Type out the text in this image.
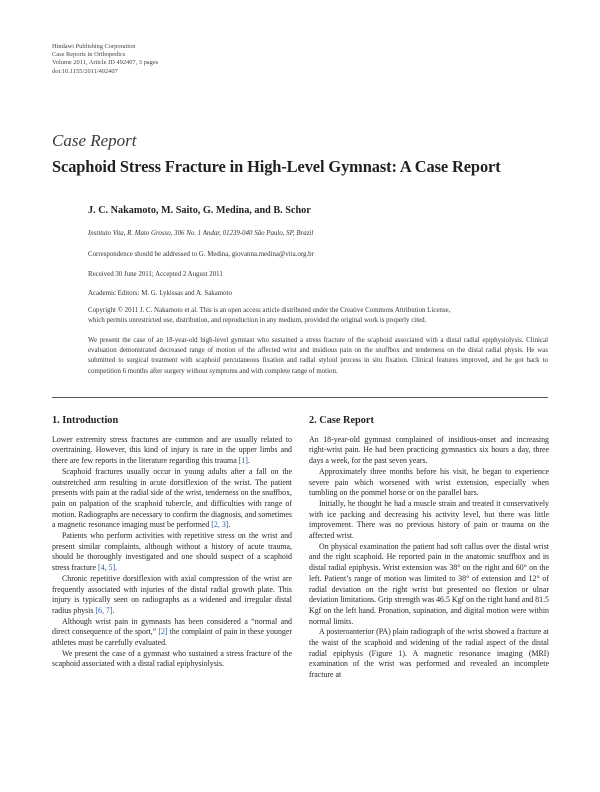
Hindawi Publishing Corporation
Case Reports in Orthopedics
Volume 2011, Article ID 492407, 3 pages
doi:10.1155/2011/492407
Case Report
Scaphoid Stress Fracture in High-Level Gymnast: A Case Report
J. C. Nakamoto, M. Saito, G. Medina, and B. Schor
Instituto Vita, R. Mato Grosso, 306 No. 1 Andar, 01239-040 São Paulo, SP, Brazil
Correspondence should be addressed to G. Medina, giovanna.medina@vita.org.br
Received 30 June 2011; Accepted 2 August 2011
Academic Editors: M. G. Lykissas and A. Sakamoto
Copyright © 2011 J. C. Nakamoto et al. This is an open access article distributed under the Creative Commons Attribution License,
which permits unrestricted use, distribution, and reproduction in any medium, provided the original work is properly cited.
We present the case of an 18-year-old high-level gymnast who sustained a stress fracture of the scaphoid associated with a distal radial epiphysiolysis. Clinical evaluation demonstrated decreased range of motion of the affected wrist and insidious pain on the snuffbox and tenderness on the distal radial physis. He was submitted to surgical treatment with scaphoid percutaneous fixation and radial styloid process in situ fixation. Clinical features improved, and he got back to competition 6 months after surgery without symptoms and with complete range of motion.
1. Introduction

Lower extremity stress fractures are common and are usually related to overtraining. However, this kind of injury is rare in the upper limbs and there are few reports in the literature regarding this trauma [1].

Scaphoid fractures usually occur in young adults after a fall on the outstretched arm resulting in acute dorsiflexion of the wrist. The patient presents with pain at the radial side of the wrist, tenderness on the snuffbox, pain on palpation of the scaphoid tubercle, and difficulties with range of motion. Radiographs are necessary to confirm the diagnosis, and sometimes a magnetic resonance imaging must be performed [2, 3].

Patients who perform activities with repetitive stress on the wrist and present similar complaints, although without a history of acute trauma, should be thoroughly investigated and one should suspect of a scaphoid stress fracture [4, 5].

Chronic repetitive dorsiflexion with axial compression of the wrist are frequently associated with injuries of the distal radial growth plate. This injury is typically seen on radiographs as a widened and irregular distal radius physis [6, 7].

Although wrist pain in gymnasts has been considered a “normal and direct consequence of the sport,” [2] the complaint of pain in these younger athletes must be carefully evaluated.

We present the case of a gymnast who sustained a stress fracture of the scaphoid associated with a distal radial epiphysiolysis.

2. Case Report

An 18-year-old gymnast complained of insidious-onset and increasing right-wrist pain. He had been practicing gymnastics six hours a day, three days a week, for the past seven years.

Approximately three months before his visit, he began to experience severe pain which worsened with wrist extension, especially when tumbling on the pommel horse or on the parallel bars.

Initially, he thought he had a muscle strain and treated it conservatively with ice packing and decreasing his activity level, but there was little improvement. There was no previous history of pain or trauma on the affected wrist.

On physical examination the patient had soft callus over the distal wrist and the right scaphoid. He reported pain in the anatomic snuffbox and in distal radial epiphysis. Wrist extension was 38° on the right and 60° on the left. Patient’s range of motion was limited to 38° of extension and 12° of radial deviation on the right wrist but presented no flexion or ulnar deviation limitations. Grip strength was 46.5 Kgf on the right hand and 81.5 Kgf on the left hand. Pronation, supination, and digital motion were within normal limits.

A posteroanterior (PA) plain radiograph of the wrist showed a fracture at the waist of the scaphoid and widening of the radial aspect of the distal radial epiphysis (Figure 1). A magnetic resonance imaging (MRI) examination of the wrist was performed and revealed an incomplete fracture at
